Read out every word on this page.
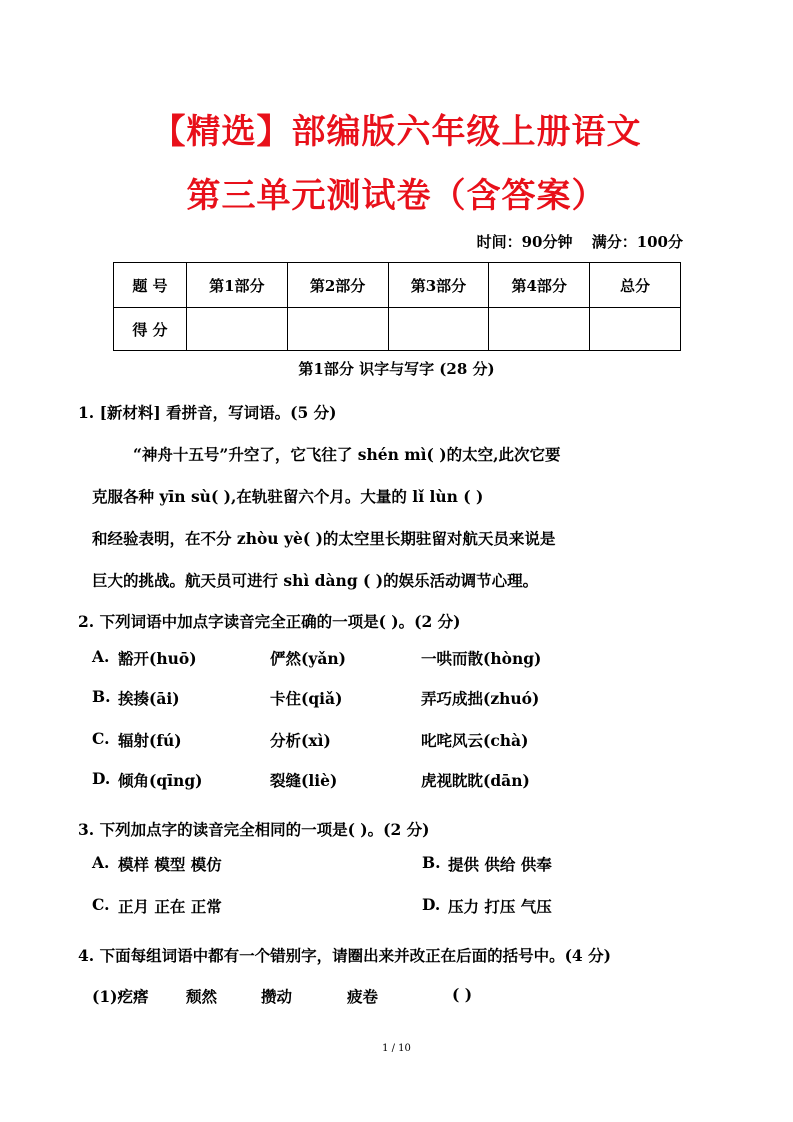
【精选】部编版六年级上册语文
第三单元测试卷（含答案）
时间：90分钟 满分：100分
题 号	第1部分	第2部分	第3部分	第4部分	总分
得 分					
第1部分 识字与写字 (28 分)
1. [新材料] 看拼音，写词语。(5 分)
“神舟十五号”升空了，它飞往了 shén mì( )的太空,此次它要
克服各种 yīn sù( ),在轨驻留六个月。大量的 lǐ lùn ( )
和经验表明，在不分 zhòu yè( )的太空里长期驻留对航天员来说是
巨大的挑战。航天员可进行 shì dàng ( )的娱乐活动调节心理。
2. 下列词语中加点字读音完全正确的一项是( )。(2 分)
A. 豁开(huō)	俨然(yǎn)	一哄而散(hòng)
B. 挨揍(āi)	卡住(qiǎ)	弄巧成拙(zhuó)
C. 辐射(fú)	分析(xì)	叱咤风云(chà)
D. 倾角(qīng)	裂缝(liè)	虎视眈眈(dān)
3. 下列加点字的读音完全相同的一项是( )。(2 分)
A. 模样 模型 模仿	B. 提供 供给 供奉
C. 正月 正在 正常	D. 压力 打压 气压
4. 下面每组词语中都有一个错别字，请圈出来并改正在后面的括号中。(4 分)
(1)疙瘩 颓然	攒动	疲卷	( )
1 / 10
